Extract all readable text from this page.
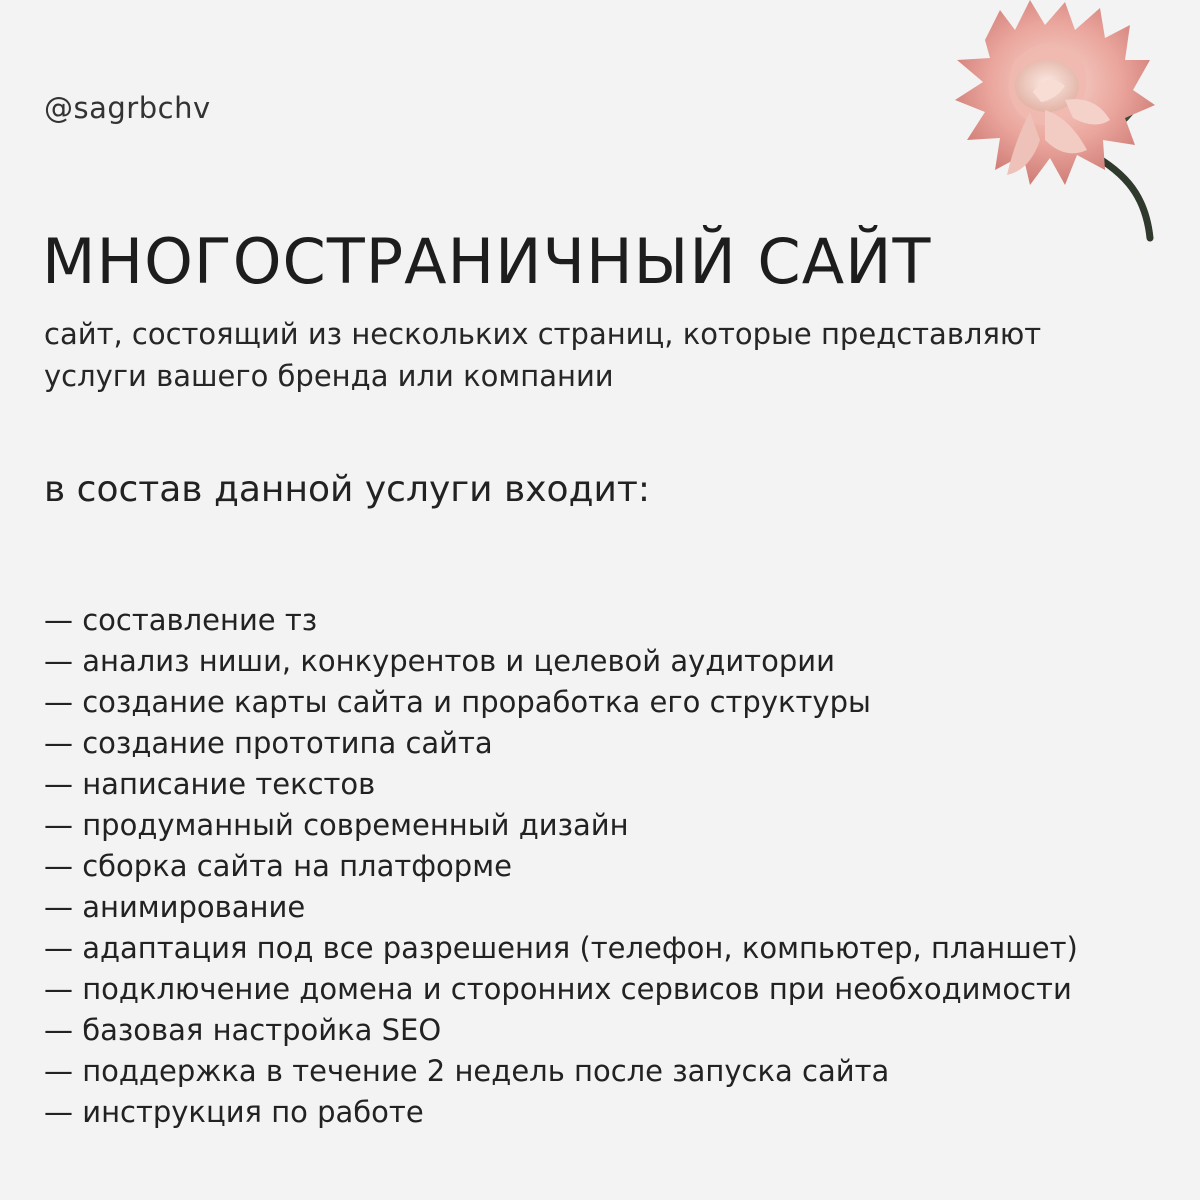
@sagrbchv
МНОГОСТРАНИЧНЫЙ САЙТ
сайт, состоящий из нескольких страниц, которые представляют услуги вашего бренда или компании
в состав данной услуги входит:
— составление тз
— анализ ниши, конкурентов и целевой аудитории
— создание карты сайта и проработка его структуры
— создание прототипа сайта
— написание текстов
— продуманный современный дизайн
— сборка сайта на платформе
— анимирование
— адаптация под все разрешения (телефон, компьютер, планшет)
— подключение домена и сторонних сервисов при необходимости
— базовая настройка SEO
— поддержка в течение 2 недель после запуска сайта
— инструкция по работе
